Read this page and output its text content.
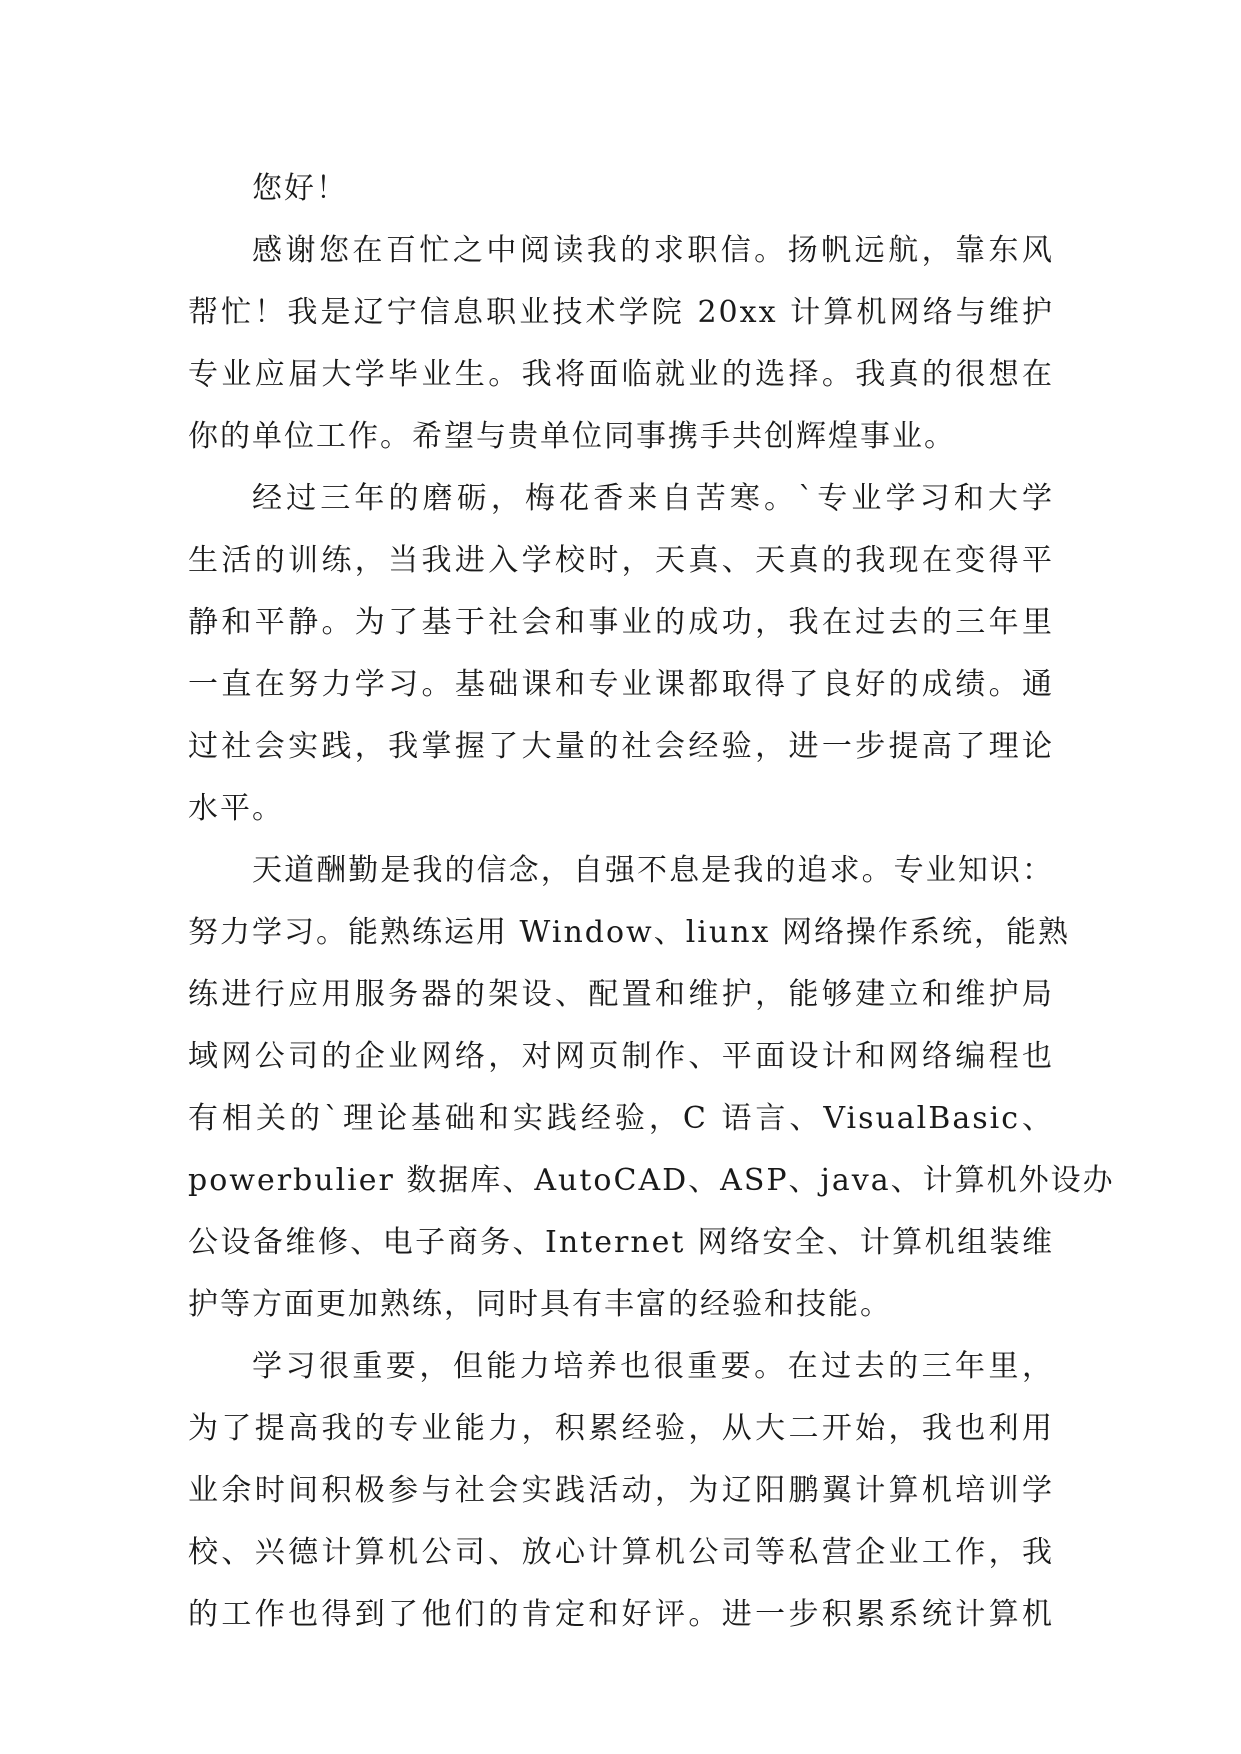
您好！
感谢您在百忙之中阅读我的求职信。扬帆远航，靠东风
帮忙！我是辽宁信息职业技术学院 20xx 计算机网络与维护
专业应届大学毕业生。我将面临就业的选择。我真的很想在
你的单位工作。希望与贵单位同事携手共创辉煌事业。
经过三年的磨砺，梅花香来自苦寒。`专业学习和大学
生活的训练，当我进入学校时，天真、天真的我现在变得平
静和平静。为了基于社会和事业的成功，我在过去的三年里
一直在努力学习。基础课和专业课都取得了良好的成绩。通
过社会实践，我掌握了大量的社会经验，进一步提高了理论
水平。
天道酬勤是我的信念，自强不息是我的追求。专业知识：
努力学习。能熟练运用 Window、liunx 网络操作系统，能熟
练进行应用服务器的架设、配置和维护，能够建立和维护局
域网公司的企业网络，对网页制作、平面设计和网络编程也
有相关的`理论基础和实践经验，C 语言、VisualBasic、
powerbulier 数据库、AutoCAD、ASP、java、计算机外设办
公设备维修、电子商务、Internet 网络安全、计算机组装维
护等方面更加熟练，同时具有丰富的经验和技能。
学习很重要，但能力培养也很重要。在过去的三年里，
为了提高我的专业能力，积累经验，从大二开始，我也利用
业余时间积极参与社会实践活动，为辽阳鹏翼计算机培训学
校、兴德计算机公司、放心计算机公司等私营企业工作，我
的工作也得到了他们的肯定和好评。进一步积累系统计算机
